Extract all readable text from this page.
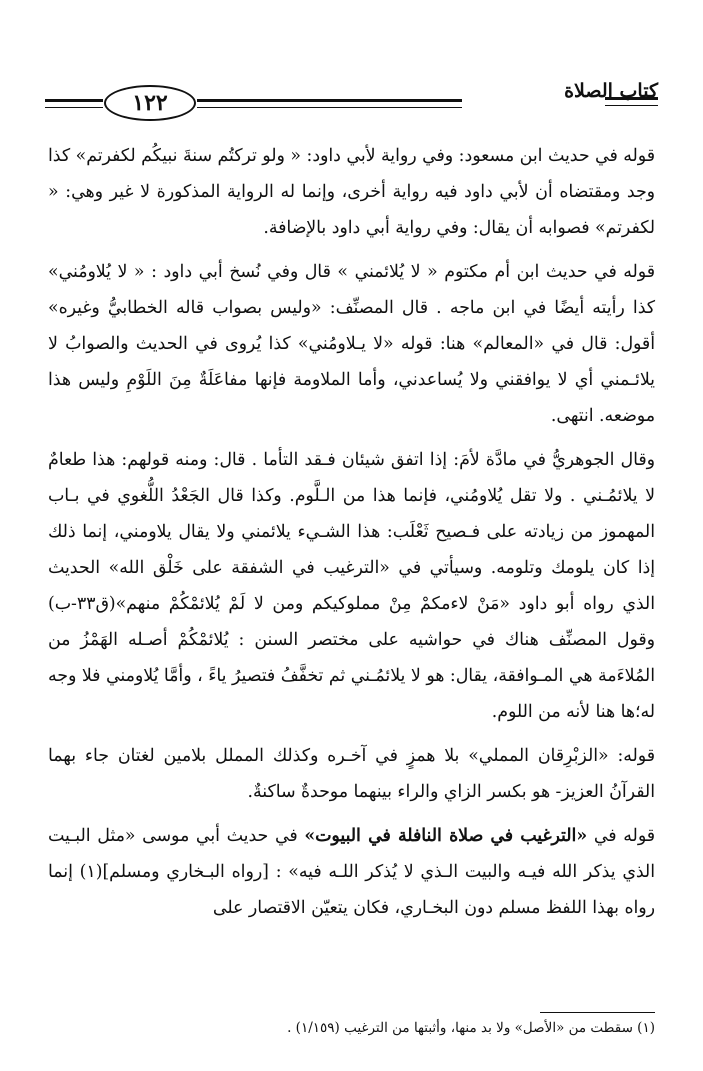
١٢٢	كتاب الصلاة

قوله في حديث ابن مسعود: وفي رواية لأبي داود: « ولو تركتُم سنةَ نبيكُم لكفرتم» كذا وجد ومقتضاه أن لأبي داود فيه رواية أخرى، وإنما له الرواية المذكورة لا غير وهي: « لكفرتم» فصوابه أن يقال: وفي رواية أبي داود بالإضافة.

قوله في حديث ابن أم مكتوم « لا يُلائمني » قال وفي نُسخ أبي داود : « لا يُلاومُني» كذا رأيته أيضًا في ابن ماجه . قال المصنِّف: «وليس بصواب قاله الخطابيُّ وغيره» أقول: قال في «المعالم» هنا: قوله «لا يـلاومُني» كذا يُروى في الحديث والصوابُ لا يلائـمني أي لا يوافقني ولا يُساعدني، وأما الملاومة فإنها مفاعَلَةٌ مِنَ اللَوْمِ وليس هذا موضعه. انتهى.

وقال الجوهريُّ في مادَّة لأمَ: إذا اتفق شيئان فـقد التأما . قال: ومنه قولهم: هذا طعامٌ لا يلائمُـني . ولا تقل يُلاومُني، فإنما هذا من الـلَّوم. وكذا قال الجَعْدُ اللُّغوي في بـاب المهموز من زيادته على فـصيح ثَعْلَب: هذا الشـيء يلائمني ولا يقال يلاومني، إنما ذلك إذا كان يلومك وتلومه. وسيأتي في «الترغيب في الشفقة على خَلْق الله» الحديث الذي رواه أبو داود «مَنْ لاءمكمْ مِنْ مملوكيكم ومن لا لَمْ يُلائمْكُمْ منهم»(ق٣٣-ب) وقول المصنِّف هناك في حواشيه على مختصر السنن : يُلائمْكُمْ أصـله الهَمْزُ من المُلاءَمة هي المـوافقة، يقال: هو لا يلائمُـني ثم تخفَّفُ فتصيرُ ياءً ، وأمَّا يُلاومني فلا وجه له؛ها هنا لأنه من اللوم.

قوله: «الزبْرِقان المملي» بلا همزٍ في آخـره وكذلك المملل بلامين لغتان جاء بهما القرآنُ العزيز- هو بكسر الزاي والراء بينهما موحدةٌ ساكنةٌ.

قوله في «الترغيب في صلاة النافلة في البيوت» في حديث أبي موسى «مثل البـيت الذي يذكر الله فيـه والبيت الـذي لا يُذكر اللـه فيه» : [رواه البـخاري ومسلم](١) إنما رواه بهذا اللفظ مسلم دون البخـاري، فكان يتعيّن الاقتصار على

(١) سقطت من «الأصل» ولا بد منها، وأثبتها من الترغيب (١/١٥٩) .
